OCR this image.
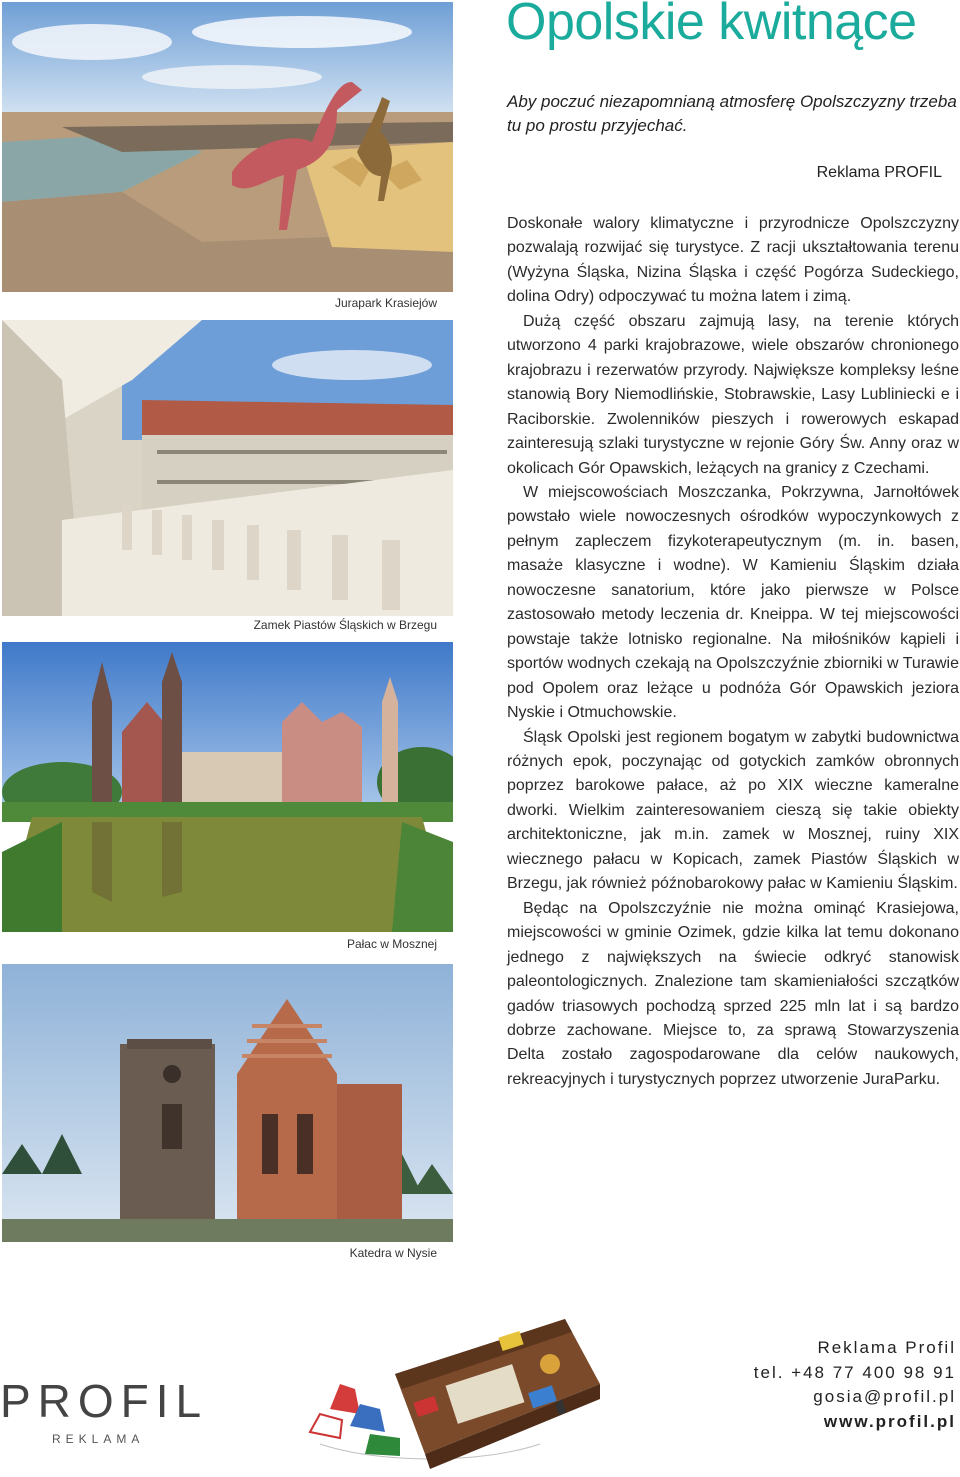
Jurapark Krasiejów
Zamek Piastów Śląskich w Brzegu
Pałac w Mosznej
Katedra w Nysie
Opolskie kwitnące
Aby poczuć niezapomnianą atmosferę Opolszczyzny trzeba tu po prostu przyjechać.
Reklama PROFIL

Doskonałe walory klimatyczne i przyrodnicze Opolszczyzny pozwalają rozwijać się turystyce. Z racji ukształtowania terenu (Wyżyna Śląska, Nizina Śląska i część Pogórza Sudeckiego, dolina Odry) odpoczywać tu można latem i zimą.

Dużą część obszaru zajmują lasy, na terenie których utworzono 4 parki krajobrazowe, wiele obszarów chronionego krajobrazu i rezerwatów przyrody. Największe kompleksy leśne stanowią Bory Niemodlińskie, Stobrawskie, Lasy Lubliniecki e i Raciborskie. Zwolenników pieszych i rowerowych eskapad zainteresują szlaki turystyczne w rejonie Góry Św. Anny oraz w okolicach Gór Opawskich, leżących na granicy z Czechami.

W miejscowościach Moszczanka, Pokrzywna, Jarnołtówek powstało wiele nowoczesnych ośrodków wypoczynkowych z pełnym zapleczem fizykoterapeutycznym (m. in. basen, masaże klasyczne i wodne). W Kamieniu Śląskim działa nowoczesne sanatorium, które jako pierwsze w Polsce zastosowało metody leczenia dr. Kneippa. W tej miejscowości powstaje także lotnisko regionalne. Na miłośników kąpieli i sportów wodnych czekają na Opolszczyźnie zbiorniki w Turawie pod Opolem oraz leżące u podnóża Gór Opawskich jeziora Nyskie i Otmuchowskie.

Śląsk Opolski jest regionem bogatym w zabytki budownictwa różnych epok, poczynając od gotyckich zamków obronnych poprzez barokowe pałace, aż po XIX wieczne kameralne dworki. Wielkim zainteresowaniem cieszą się takie obiekty architektoniczne, jak m.in. zamek w Mosznej, ruiny XIX wiecznego pałacu w Kopicach, zamek Piastów Śląskich w Brzegu, jak również późnobarokowy pałac w Kamieniu Śląskim.

Będąc na Opolszczyźnie nie można ominąć Krasiejowa, miejscowości w gminie Ozimek, gdzie kilka lat temu dokonano jednego z największych na świecie odkryć stanowisk paleontologicznych. Znalezione tam skamieniałości szczątków gadów triasowych pochodzą sprzed 225 mln lat i są bardzo dobrze zachowane. Miejsce to, za sprawą Stowarzyszenia Delta zostało zagospodarowane dla celów naukowych, rekreacyjnych i turystycznych poprzez utworzenie JuraParku.

PROFIL
REKLAMA
Reklama Profil
tel. +48 77 400 98 91
gosia@profil.pl
www.profil.pl
